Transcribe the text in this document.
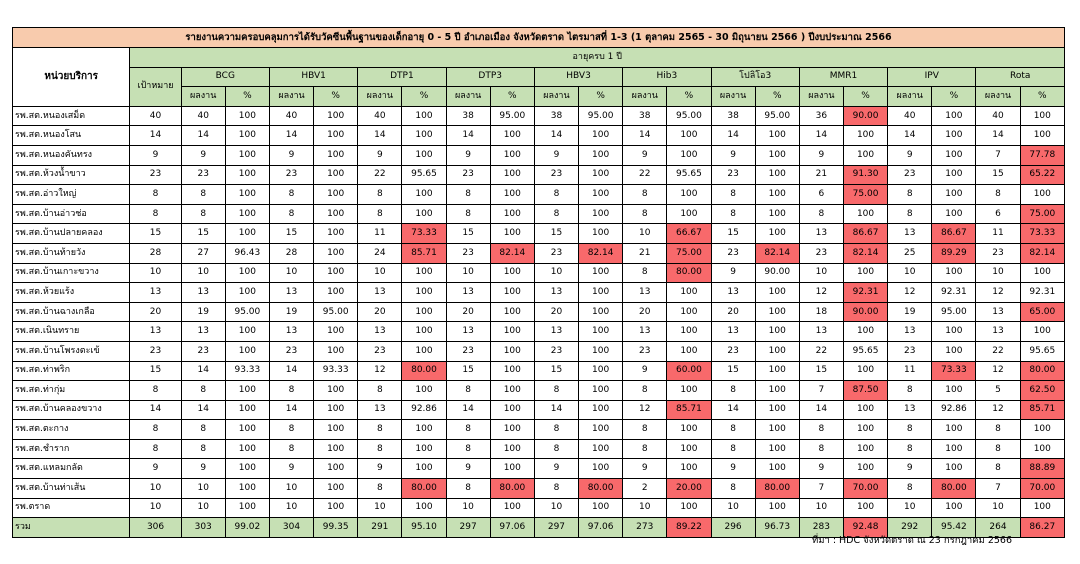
รายงานความครอบคลุมการได้รับวัคซีนพื้นฐานของเด็กอายุ 0 - 5 ปี อำเภอเมือง จังหวัดตราด ไตรมาสที่ 1-3 (1 ตุลาคม 2565 - 30 มิถุนายน 2566 ) ปีงบประมาณ 2566																					
หน่วยบริการ	อายุครบ 1 ปี																				
	เป้าหมาย	BCG		HBV1		DTP1		DTP3		HBV3		Hib3		โปลิโอ3		MMR1		IPV		Rota	
		ผลงาน	%	ผลงาน	%	ผลงาน	%	ผลงาน	%	ผลงาน	%	ผลงาน	%	ผลงาน	%	ผลงาน	%	ผลงาน	%	ผลงาน	%
รพ.สต.หนองเสม็ด	40	40	100	40	100	40	100	38	95.00	38	95.00	38	95.00	38	95.00	36	90.00	40	100	40	100
รพ.สต.หนองโสน	14	14	100	14	100	14	100	14	100	14	100	14	100	14	100	14	100	14	100	14	100
รพ.สต.หนองคันทรง	9	9	100	9	100	9	100	9	100	9	100	9	100	9	100	9	100	9	100	7	77.78
รพ.สต.ห้วงน้ำขาว	23	23	100	23	100	22	95.65	23	100	23	100	22	95.65	23	100	21	91.30	23	100	15	65.22
รพ.สต.อ่าวใหญ่	8	8	100	8	100	8	100	8	100	8	100	8	100	8	100	6	75.00	8	100	8	100
รพ.สต.บ้านอ่าวช่อ	8	8	100	8	100	8	100	8	100	8	100	8	100	8	100	8	100	8	100	6	75.00
รพ.สต.บ้านปลายคลอง	15	15	100	15	100	11	73.33	15	100	15	100	10	66.67	15	100	13	86.67	13	86.67	11	73.33
รพ.สต.บ้านท้ายวัง	28	27	96.43	28	100	24	85.71	23	82.14	23	82.14	21	75.00	23	82.14	23	82.14	25	89.29	23	82.14
รพ.สต.บ้านเกาะขวาง	10	10	100	10	100	10	100	10	100	10	100	8	80.00	9	90.00	10	100	10	100	10	100
รพ.สต.ห้วยแร้ง	13	13	100	13	100	13	100	13	100	13	100	13	100	13	100	12	92.31	12	92.31	12	92.31
รพ.สต.บ้านฉางเกลือ	20	19	95.00	19	95.00	20	100	20	100	20	100	20	100	20	100	18	90.00	19	95.00	13	65.00
รพ.สต.เนินทราย	13	13	100	13	100	13	100	13	100	13	100	13	100	13	100	13	100	13	100	13	100
รพ.สต.บ้านโพรงตะเข้	23	23	100	23	100	23	100	23	100	23	100	23	100	23	100	22	95.65	23	100	22	95.65
รพ.สต.ท่าพริก	15	14	93.33	14	93.33	12	80.00	15	100	15	100	9	60.00	15	100	15	100	11	73.33	12	80.00
รพ.สต.ท่ากุ่ม	8	8	100	8	100	8	100	8	100	8	100	8	100	8	100	7	87.50	8	100	5	62.50
รพ.สต.บ้านคลองขวาง	14	14	100	14	100	13	92.86	14	100	14	100	12	85.71	14	100	14	100	13	92.86	12	85.71
รพ.สต.ตะกาง	8	8	100	8	100	8	100	8	100	8	100	8	100	8	100	8	100	8	100	8	100
รพ.สต.ชำราก	8	8	100	8	100	8	100	8	100	8	100	8	100	8	100	8	100	8	100	8	100
รพ.สต.แหลมกลัด	9	9	100	9	100	9	100	9	100	9	100	9	100	9	100	9	100	9	100	8	88.89
รพ.สต.บ้านท่าเส้น	10	10	100	10	100	8	80.00	8	80.00	8	80.00	2	20.00	8	80.00	7	70.00	8	80.00	7	70.00
รพ.ตราด	10	10	100	10	100	10	100	10	100	10	100	10	100	10	100	10	100	10	100	10	100
รวม	306	303	99.02	304	99.35	291	95.10	297	97.06	297	97.06	273	89.22	296	96.73	283	92.48	292	95.42	264	86.27
ที่มา : HDC จังหวัดตราด ณ 23 กรกฎาคม 2566
